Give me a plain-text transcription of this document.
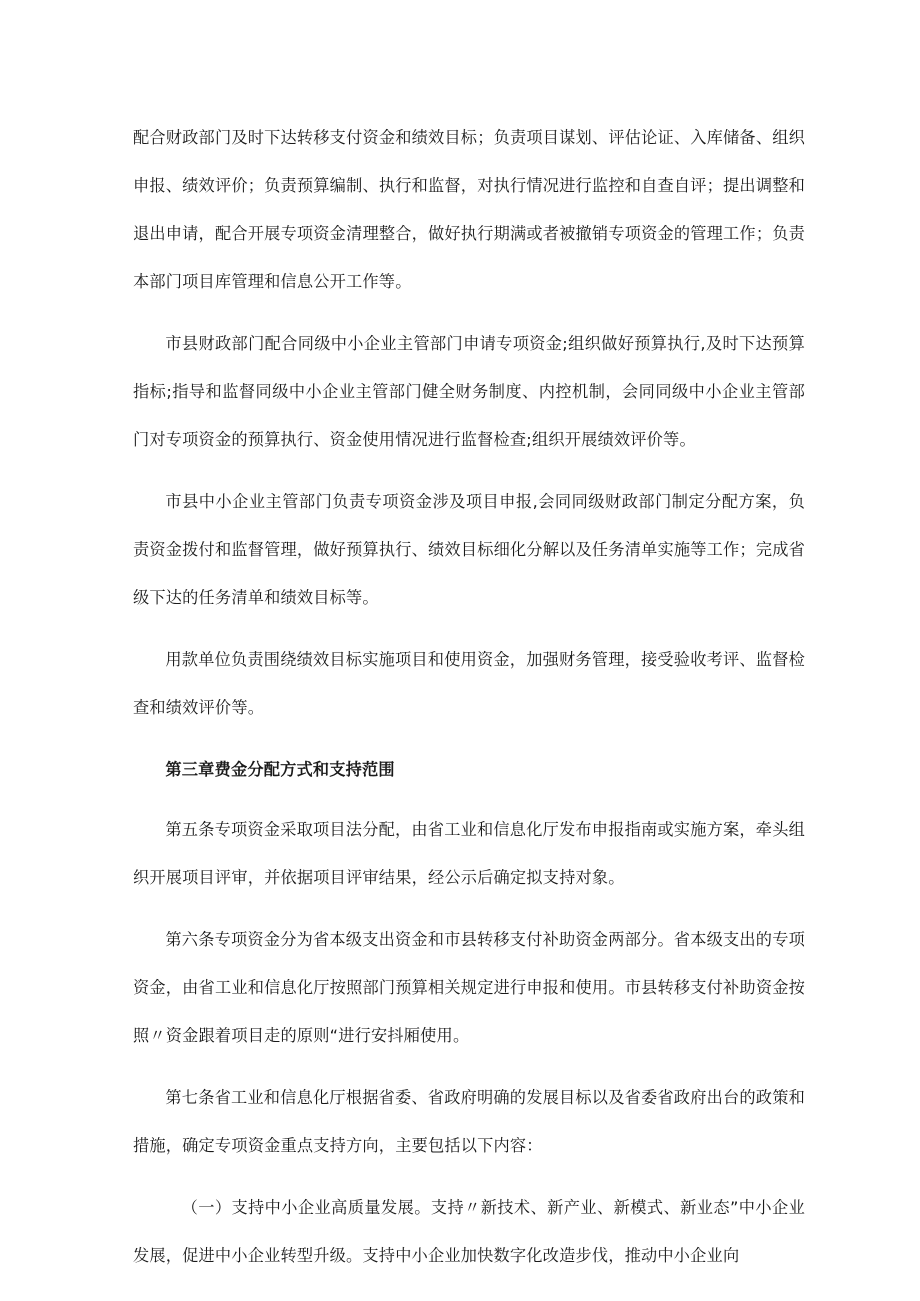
配合财政部门及时下达转移支付资金和绩效目标；负责项目谋划、评估论证、入库储备、组织申报、绩效评价；负责预算编制、执行和监督，对执行情况进行监控和自查自评；提出调整和退出申请，配合开展专项资金清理整合，做好执行期满或者被撤销专项资金的管理工作；负责本部门项目库管理和信息公开工作等。

市县财政部门配合同级中小企业主管部门申请专项资金;组织做好预算执行,及时下达预算指标;指导和监督同级中小企业主管部门健全财务制度、内控机制，会同同级中小企业主管部门对专项资金的预算执行、资金使用情况进行监督检查;组织开展绩效评价等。

市县中小企业主管部门负责专项资金涉及项目申报,会同同级财政部门制定分配方案，负责资金拨付和监督管理，做好预算执行、绩效目标细化分解以及任务清单实施等工作；完成省级下达的任务清单和绩效目标等。

用款单位负责围绕绩效目标实施项目和使用资金，加强财务管理，接受验收考评、监督检查和绩效评价等。

第三章费金分配方式和支持范围

第五条专项资金采取项目法分配，由省工业和信息化厅发布申报指南或实施方案，牵头组织开展项目评审，并依据项目评审结果，经公示后确定拟支持对象。

第六条专项资金分为省本级支出资金和市县转移支付补助资金两部分。省本级支出的专项资金，由省工业和信息化厅按照部门预算相关规定进行申报和使用。市县转移支付补助资金按照〃资金跟着项目走的原则“进行安抖厢使用。

第七条省工业和信息化厅根据省委、省政府明确的发展目标以及省委省政府出台的政策和措施，确定专项资金重点支持方向，主要包括以下内容：

（一）支持中小企业高质量发展。支持〃新技术、新产业、新模式、新业态”中小企业发展，促进中小企业转型升级。支持中小企业加快数字化改造步伐，推动中小企业向
